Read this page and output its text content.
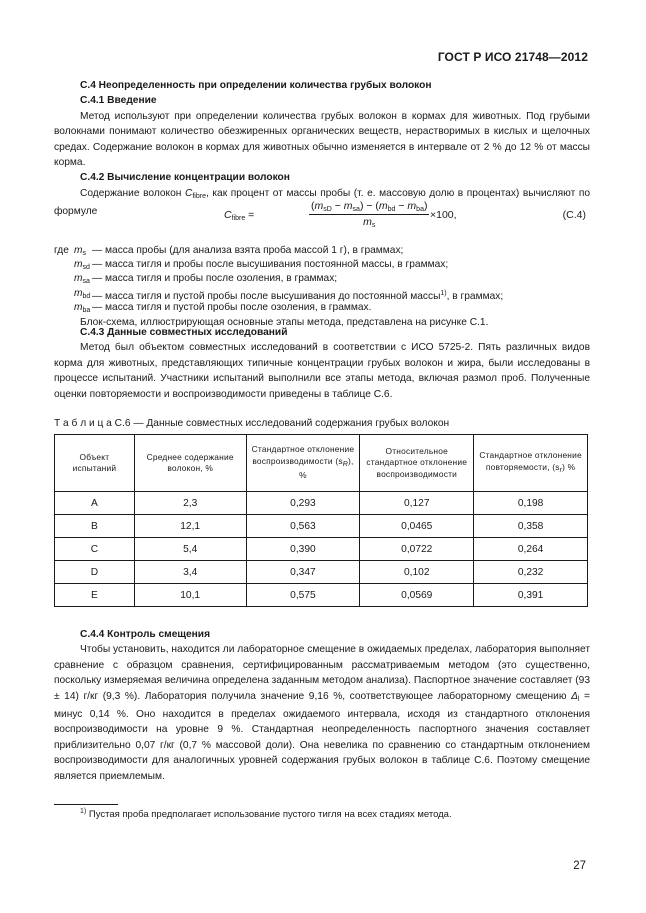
ГОСТ Р ИСО 21748—2012
С.4 Неопределенность при определении количества грубых волокон
С.4.1 Введение

Метод используют при определении количества грубых волокон в кормах для животных. Под грубыми волокнами понимают количество обезжиренных органических веществ, нерастворимых в кислых и щелочных средах. Содержание волокон в кормах для животных обычно изменяется в интервале от 2 % до 12 % от массы корма.

С.4.2 Вычисление концентрации волокон

Содержание волокон $C_{fibre}$, как процент от массы пробы (т. е. массовую долю в процентах) вычисляют по формуле	$C_{fibre}$ =
$(m_{sD} - m_{sa}) - (m_{bd} - m_{ba})$
$m_s$
×100,	(С.4)
где $m_s$ — масса пробы (для анализа взята проба массой 1 г), в граммах;
$m_{sd}$ — масса тигля и пробы после высушивания постоянной массы, в граммах;
$m_{sa}$ — масса тигля и пробы после озоления, в граммах;
$m_{bd}$ — масса тигля и пустой пробы после высушивания до постоянной массы$^{1)}$, в граммах;
$m_{ba}$ — масса тигля и пустой пробы после озоления, в граммах.

Блок-схема, иллюстрирующая основные этапы метода, представлена на рисунке С.1.

С.4.3 Данные совместных исследований

Метод был объектом совместных исследований в соответствии с ИСО 5725-2. Пять различных видов корма для животных, представляющих типичные концентрации грубых волокон и жира, были исследованы в процессе испытаний. Участники испытаний выполнили все этапы метода, включая размол проб. Полученные оценки повторяемости и воспроизводимости приведены в таблице С.6.

Т а б л и ц а С.6 — Данные совместных исследований содержания грубых волокон
Объект испытаний	Среднее содержание волокон, %	Стандартное отклонение воспроизводимости $(s_R)$, %	Относительное стандартное отклонение воспроизводимости	Стандартное отклонение повторяемости, $(s_r)$ %
A	2,3	0,293	0,127	0,198
B	12,1	0,563	0,0465	0,358
C	5,4	0,390	0,0722	0,264
D	3,4	0,347	0,102	0,232
E	10,1	0,575	0,0569	0,391
С.4.4 Контроль смещения

Чтобы установить, находится ли лабораторное смещение в ожидаемых пределах, лаборатория выполняет сравнение с образцом сравнения, сертифицированным рассматриваемым методом (это существенно, поскольку измеряемая величина определена заданным методом анализа). Паспортное значение составляет (93 ± 14) г/кг (9,3 %). Лаборатория получила значение 9,16 %, соответствующее лабораторному смещению $\Delta_l$ = минус 0,14 %. Оно находится в пределах ожидаемого интервала, исходя из стандартного отклонения воспроизводимости на уровне 9 %. Стандартная неопределенность паспортного значения составляет приблизительно 0,07 г/кг (0,7 % массовой доли). Она невелика по сравнению со стандартным отклонением воспроизводимости для аналогичных уровней содержания грубых волокон в таблице С.6. Поэтому смещение является приемлемым.

$^{1)}$ Пустая проба предполагает использование пустого тигля на всех стадиях метода.
27
